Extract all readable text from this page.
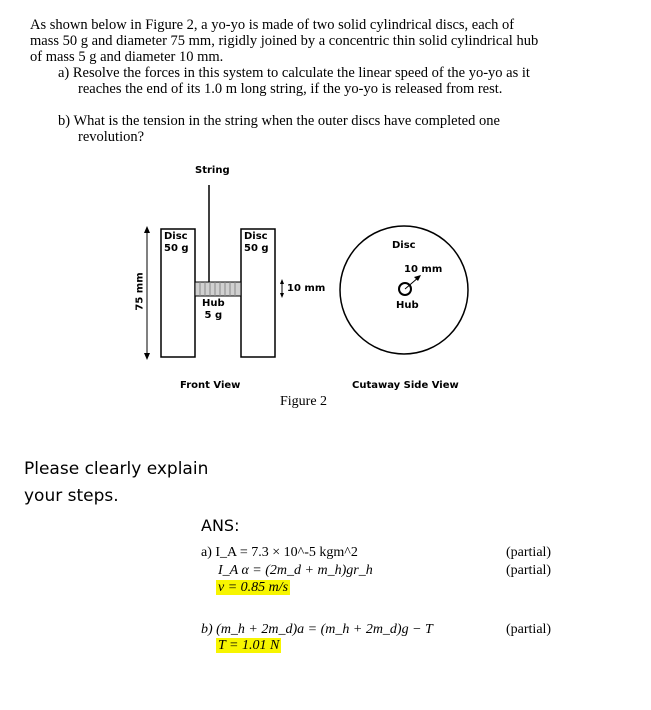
As shown below in Figure 2, a yo-yo is made of two solid cylindrical discs, each of
mass 50 g and diameter 75 mm, rigidly joined by a concentric thin solid cylindrical hub
of mass 5 g and diameter 10 mm.
a) Resolve the forces in this system to calculate the linear speed of the yo-yo as it
reaches the end of its 1.0 m long string, if the yo-yo is released from rest.
b) What is the tension in the string when the outer discs have completed one
revolution?
String
Disc
50 g
Disc
50 g
Hub
5 g
75 mm	10 mm
Front View
Figure 2
Disc
10 mm
Hub
Cutaway Side View
Please clearly explain
your steps.
ANS:
a) I_A = 7.3 × 10^-5 kgm^2
I_A α = (2m_d + m_h)gr_h
v = 0.85 m/s
b) (m_h + 2m_d)a = (m_h + 2m_d)g − T
T = 1.01 N
(partial)
(partial)
(partial)
